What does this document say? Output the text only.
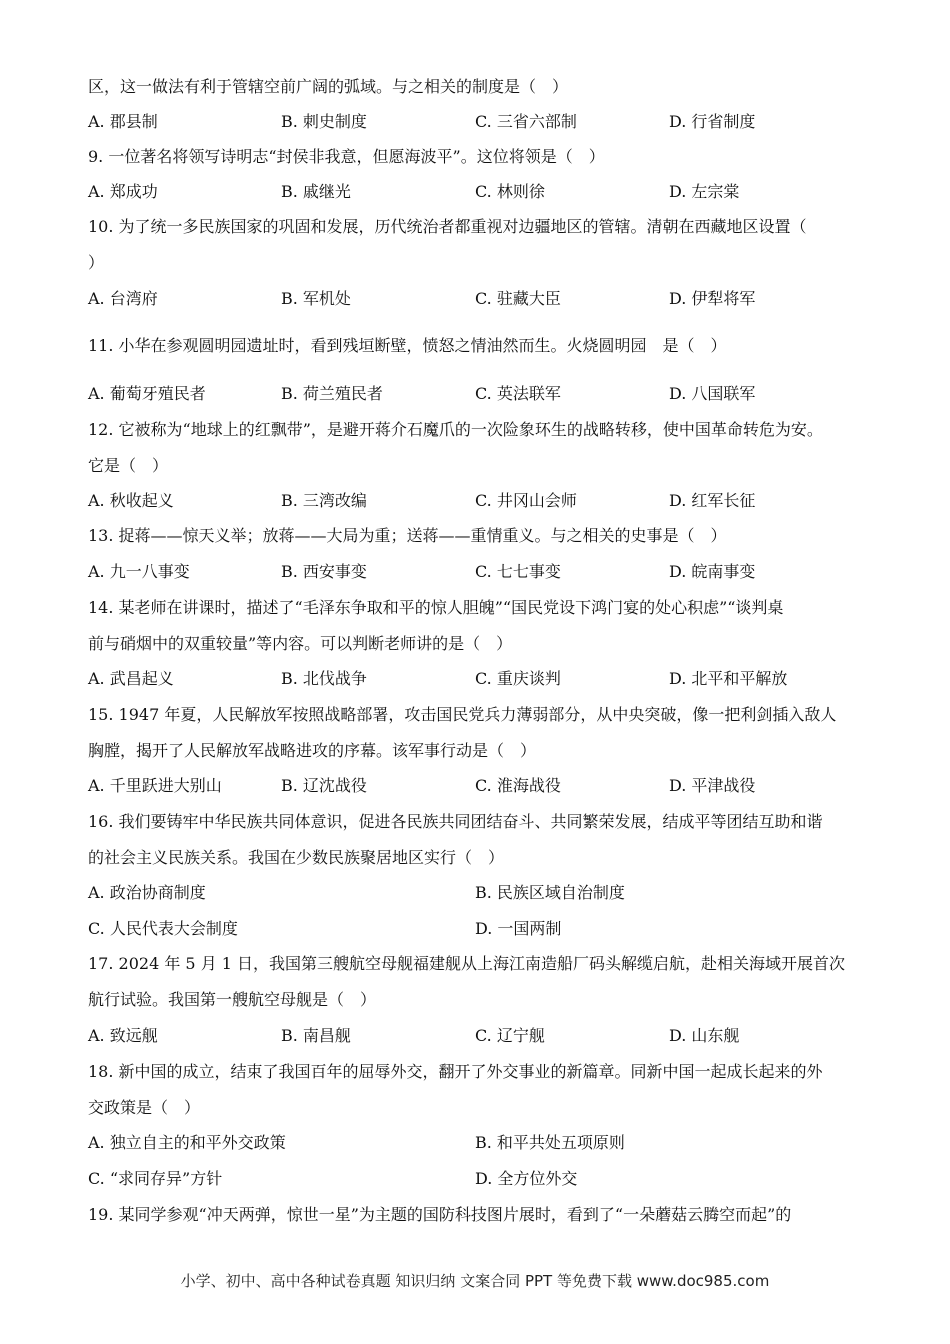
区，这一做法有利于管辖空前广阔的弧域。与之相关的制度是（　）
A. 郡县制	B. 刺史制度	C. 三省六部制	D. 行省制度
9. 一位著名将领写诗明志“封侯非我意，但愿海波平”。这位将领是（　）
A. 郑成功	B. 戚继光	C. 林则徐	D. 左宗棠
10. 为了统一多民族国家的巩固和发展，历代统治者都重视对边疆地区的管辖。清朝在西藏地区设置（
）
A. 台湾府	B. 军机处	C. 驻藏大臣	D. 伊犁将军
11. 小华在参观圆明园遗址时，看到残垣断壁，愤怒之情油然而生。火烧圆明园　是（　）
A. 葡萄牙殖民者	B. 荷兰殖民者	C. 英法联军	D. 八国联军
12. 它被称为“地球上的红飘带”，是避开蒋介石魔爪的一次险象环生的战略转移，使中国革命转危为安。
它是（　）
A. 秋收起义	B. 三湾改编	C. 井冈山会师	D. 红军长征
13. 捉蒋——惊天义举；放蒋——大局为重；送蒋——重情重义。与之相关的史事是（　）
A. 九一八事变	B. 西安事变	C. 七七事变	D. 皖南事变
14. 某老师在讲课时，描述了“毛泽东争取和平的惊人胆魄”“国民党设下鸿门宴的处心积虑”“谈判桌
前与硝烟中的双重较量”等内容。可以判断老师讲的是（　）
A. 武昌起义	B. 北伐战争	C. 重庆谈判	D. 北平和平解放
15. 1947 年夏，人民解放军按照战略部署，攻击国民党兵力薄弱部分，从中央突破，像一把利剑插入敌人
胸膛，揭开了人民解放军战略进攻的序幕。该军事行动是（　）
A. 千里跃进大别山	B. 辽沈战役	C. 淮海战役	D. 平津战役
16. 我们要铸牢中华民族共同体意识，促进各民族共同团结奋斗、共同繁荣发展，结成平等团结互助和谐
的社会主义民族关系。我国在少数民族聚居地区实行（　）
A. 政治协商制度	B. 民族区域自治制度
C. 人民代表大会制度	D. 一国两制
17. 2024 年 5 月 1 日，我国第三艘航空母舰福建舰从上海江南造船厂码头解缆启航，赴相关海域开展首次
航行试验。我国第一艘航空母舰是（　）
A. 致远舰	B. 南昌舰	C. 辽宁舰	D. 山东舰
18. 新中国的成立，结束了我国百年的屈辱外交，翻开了外交事业的新篇章。同新中国一起成长起来的外
交政策是（　）
A. 独立自主的和平外交政策	B. 和平共处五项原则
C. “求同存异”方针	D. 全方位外交
19. 某同学参观“冲天两弹，惊世一星”为主题的国防科技图片展时，看到了“一朵蘑菇云腾空而起”的
小学、初中、高中各种试卷真题 知识归纳 文案合同 PPT 等免费下载 www.doc985.com
